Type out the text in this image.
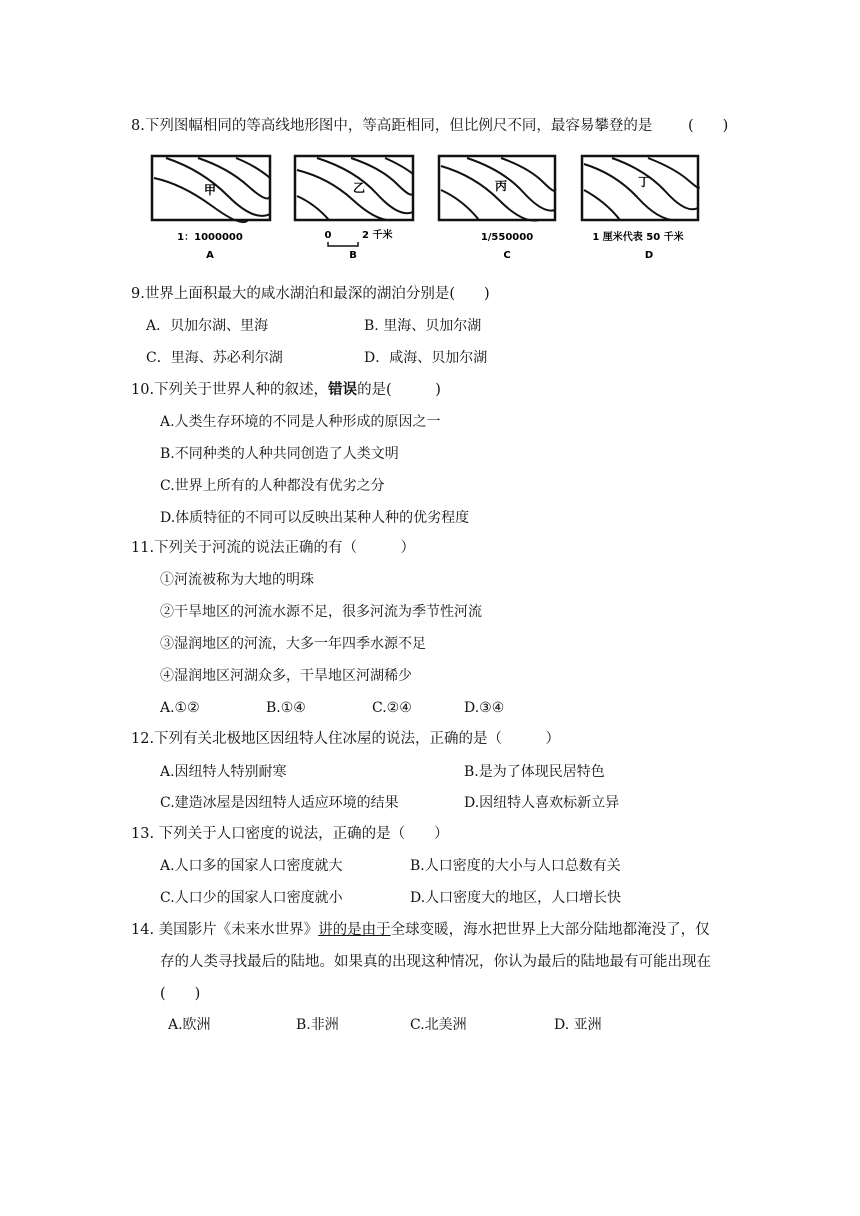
8.下列图幅相同的等高线地形图中，等高距相同，但比例尺不同，最容易攀登的是 (　　)
甲
1：1000000
A
乙
0	2 千米
B
丙
1/550000
C
丁
1 厘米代表 50 千米
D
9.世界上面积最大的咸水湖泊和最深的湖泊分别是(　　)
A．贝加尔湖、里海	B. 里海、贝加尔湖
C．里海、苏必利尔湖	D．咸海、贝加尔湖
10.下列关于世界人种的叙述，错误的是(　　　)
A.人类生存环境的不同是人种形成的原因之一
B.不同种类的人种共同创造了人类文明
C.世界上所有的人种都没有优劣之分
D.体质特征的不同可以反映出某种人种的优劣程度
11.下列关于河流的说法正确的有（　　　）
①河流被称为大地的明珠
②干旱地区的河流水源不足，很多河流为季节性河流
③湿润地区的河流，大多一年四季水源不足
④湿润地区河湖众多，干旱地区河湖稀少
A.①②	B.①④	C.②④	D.③④
12.下列有关北极地区因纽特人住冰屋的说法，正确的是（　　　）
A.因纽特人特别耐寒	B.是为了体现民居特色
C.建造冰屋是因纽特人适应环境的结果	D.因纽特人喜欢标新立异
13. 下列关于人口密度的说法，正确的是（　　）
A.人口多的国家人口密度就大	B.人口密度的大小与人口总数有关
C.人口少的国家人口密度就小	D.人口密度大的地区，人口增长快
14. 美国影片《未来水世界》讲的是由于全球变暖，海水把世界上大部分陆地都淹没了，仅
存的人类寻找最后的陆地。如果真的出现这种情况，你认为最后的陆地最有可能出现在
(　　)
A.欧洲	B.非洲	C.北美洲	D. 亚洲
